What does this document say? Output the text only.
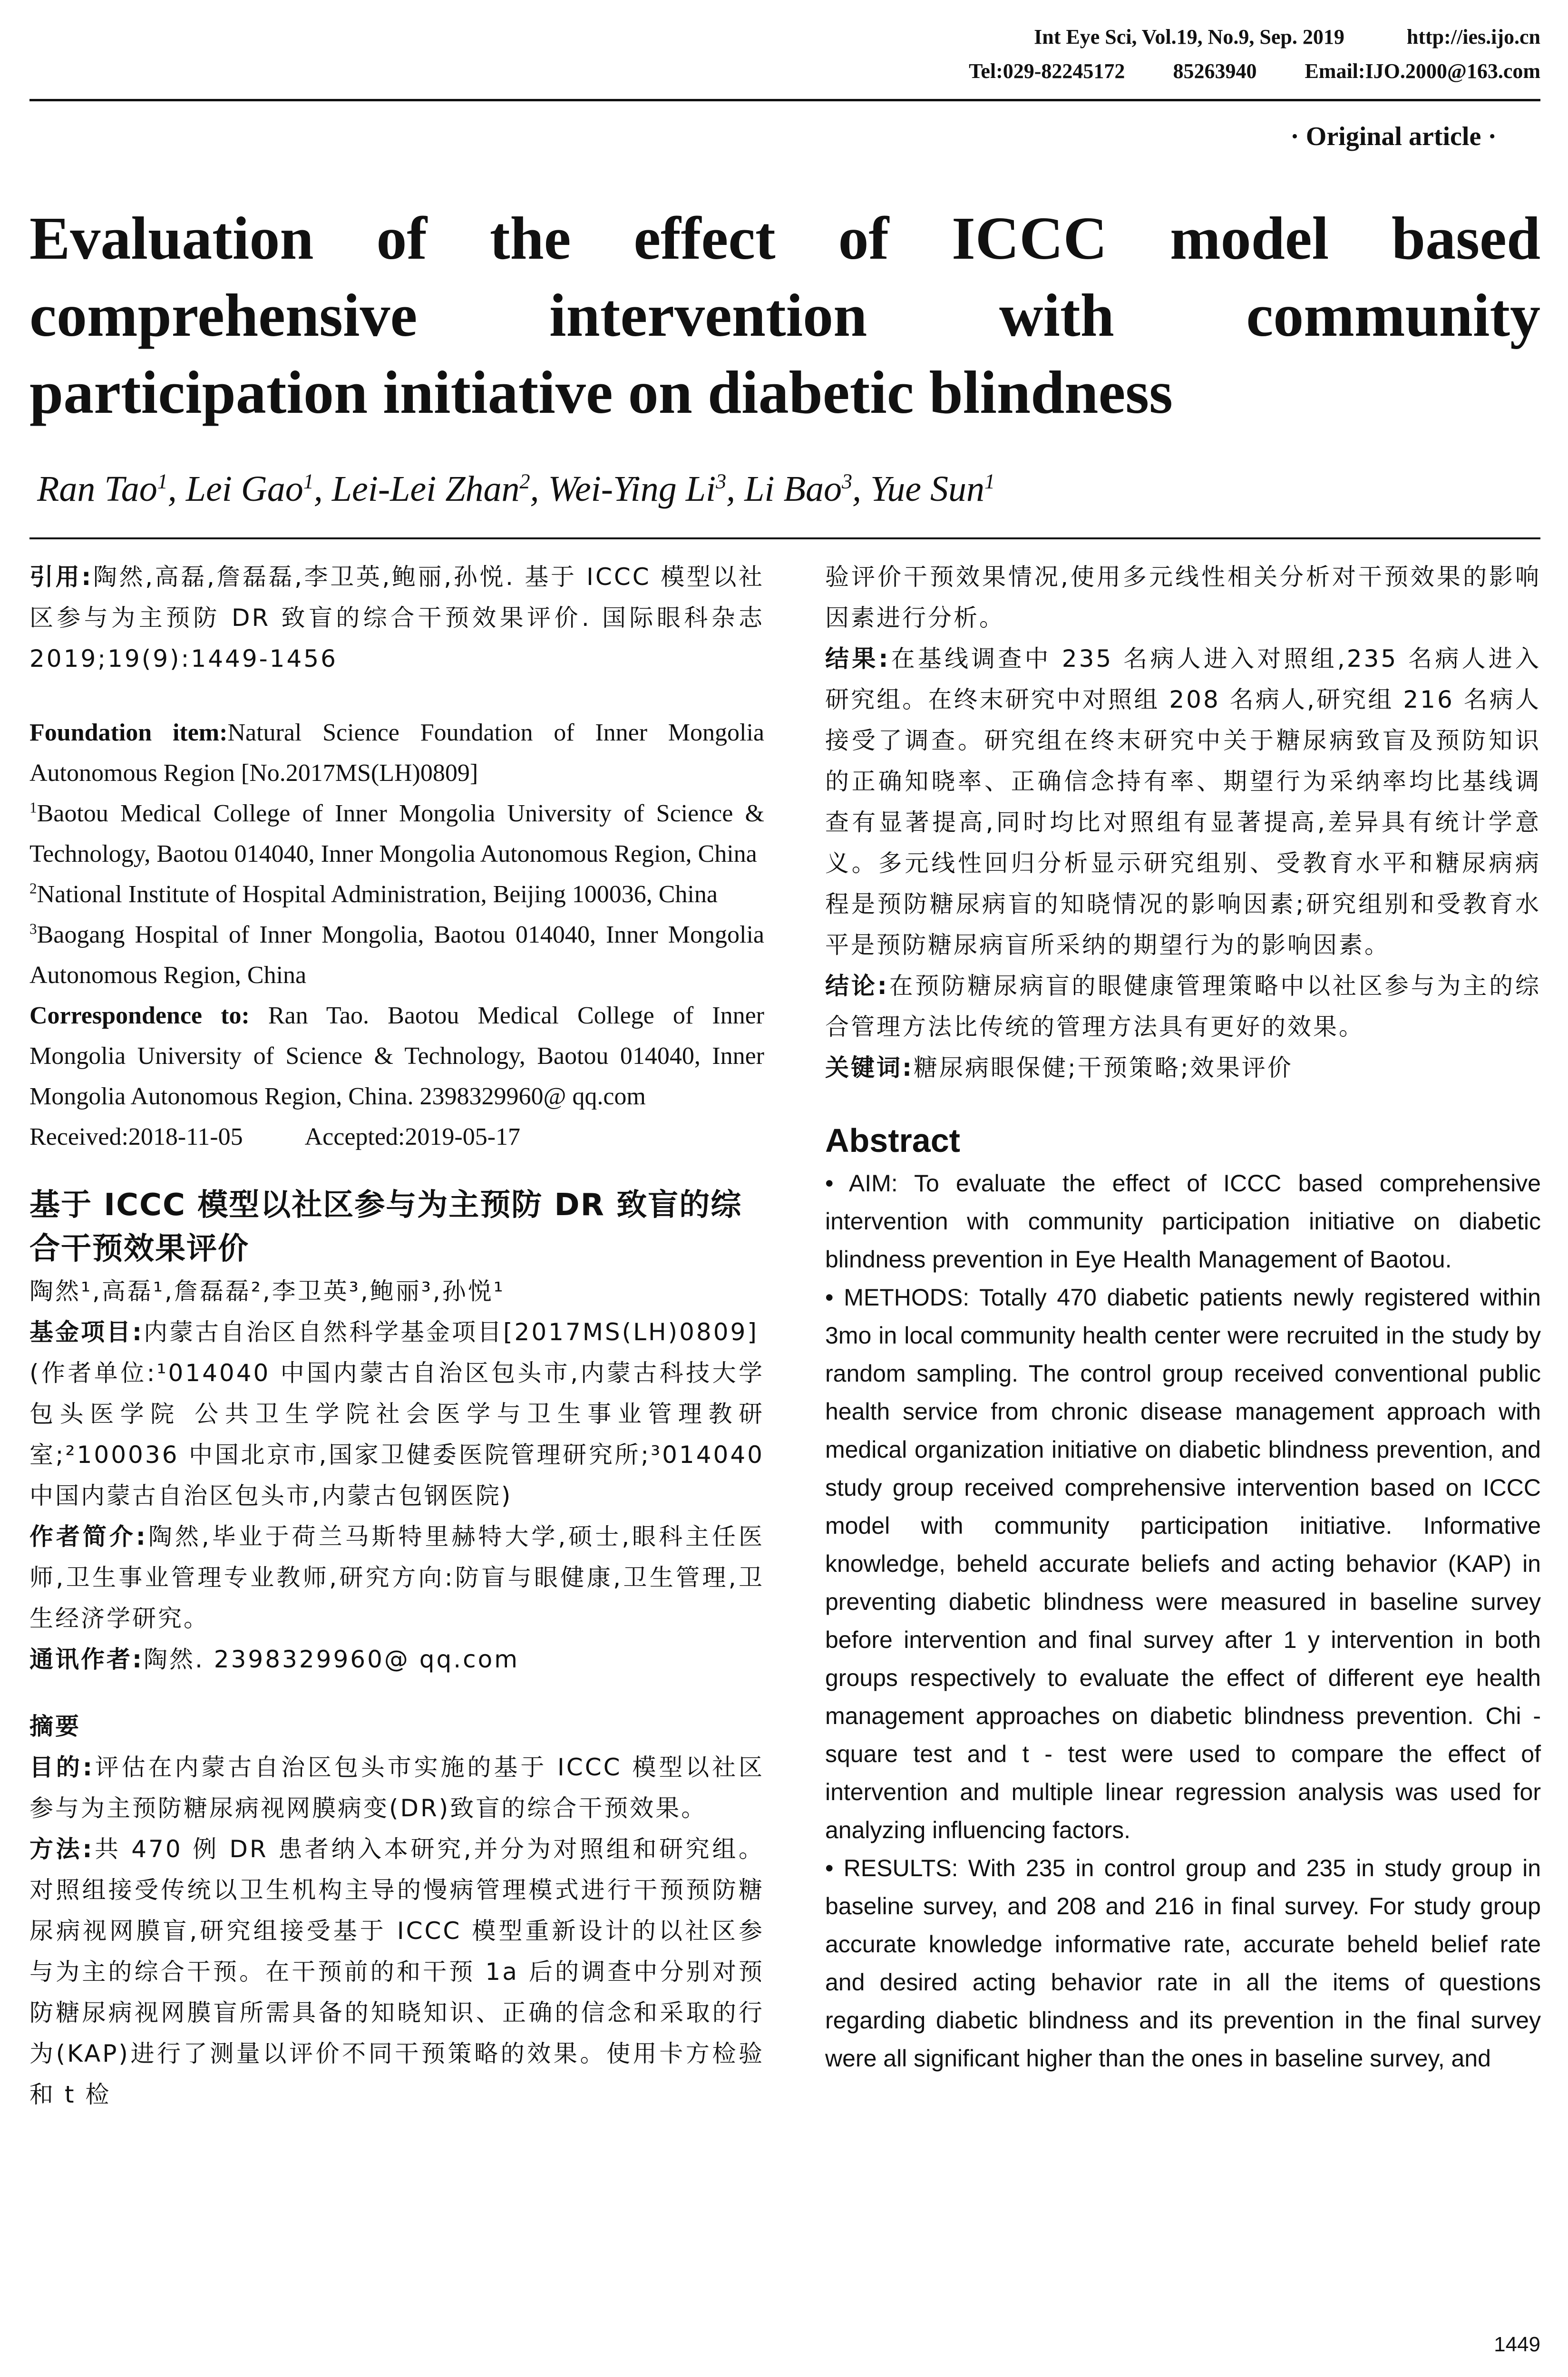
Int Eye Sci, Vol.19, No.9, Sep. 2019	http://ies.ijo.cn
Tel:029-82245172 85263940 Email:IJO.2000@163.com
· Original article ·
Evaluation of the effect of ICCC model based comprehensive intervention with community participation initiative on diabetic blindness
Ran Tao$^1$, Lei Gao$^1$, Lei-Lei Zhan$^2$, Wei-Ying Li$^3$, Li Bao$^3$, Yue Sun$^1$

引用:陶然,高磊,詹磊磊,李卫英,鲍丽,孙悦. 基于 ICCC 模型以社区参与为主预防 DR 致盲的综合干预效果评价. 国际眼科杂志 2019;19(9):1449-1456

Foundation item:Natural Science Foundation of Inner Mongolia Autonomous Region [No.2017MS(LH)0809]

$^1$Baotou Medical College of Inner Mongolia University of Science & Technology, Baotou 014040, Inner Mongolia Autonomous Region, China

$^2$National Institute of Hospital Administration, Beijing 100036, China

$^3$Baogang Hospital of Inner Mongolia, Baotou 014040, Inner Mongolia Autonomous Region, China

Correspondence to: Ran Tao. Baotou Medical College of Inner Mongolia University of Science & Technology, Baotou 014040, Inner Mongolia Autonomous Region, China. 2398329960@ qq.com

Received:2018-11-05	Accepted:2019-05-17

基于 ICCC 模型以社区参与为主预防 DR 致盲的综合干预效果评价

陶然¹,高磊¹,詹磊磊²,李卫英³,鲍丽³,孙悦¹

基金项目:内蒙古自治区自然科学基金项目[2017MS(LH)0809]

(作者单位:¹014040 中国内蒙古自治区包头市,内蒙古科技大学包头医学院 公共卫生学院社会医学与卫生事业管理教研室;²100036 中国北京市,国家卫健委医院管理研究所;³014040 中国内蒙古自治区包头市,内蒙古包钢医院)

作者简介:陶然,毕业于荷兰马斯特里赫特大学,硕士,眼科主任医师,卫生事业管理专业教师,研究方向:防盲与眼健康,卫生管理,卫生经济学研究。

通讯作者:陶然. 2398329960@ qq.com

摘要

目的:评估在内蒙古自治区包头市实施的基于 ICCC 模型以社区参与为主预防糖尿病视网膜病变(DR)致盲的综合干预效果。

方法:共 470 例 DR 患者纳入本研究,并分为对照组和研究组。对照组接受传统以卫生机构主导的慢病管理模式进行干预预防糖尿病视网膜盲,研究组接受基于 ICCC 模型重新设计的以社区参与为主的综合干预。在干预前的和干预 1a 后的调查中分别对预防糖尿病视网膜盲所需具备的知晓知识、正确的信念和采取的行为(KAP)进行了测量以评价不同干预策略的效果。使用卡方检验和 t 检

验评价干预效果情况,使用多元线性相关分析对干预效果的影响因素进行分析。

结果:在基线调查中 235 名病人进入对照组,235 名病人进入研究组。在终末研究中对照组 208 名病人,研究组 216 名病人接受了调查。研究组在终末研究中关于糖尿病致盲及预防知识的正确知晓率、正确信念持有率、期望行为采纳率均比基线调查有显著提高,同时均比对照组有显著提高,差异具有统计学意义。多元线性回归分析显示研究组别、受教育水平和糖尿病病程是预防糖尿病盲的知晓情况的影响因素;研究组别和受教育水平是预防糖尿病盲所采纳的期望行为的影响因素。

结论:在预防糖尿病盲的眼健康管理策略中以社区参与为主的综合管理方法比传统的管理方法具有更好的效果。

关键词:糖尿病眼保健;干预策略;效果评价

Abstract

• AIM: To evaluate the effect of ICCC based comprehensive intervention with community participation initiative on diabetic blindness prevention in Eye Health Management of Baotou.

• METHODS: Totally 470 diabetic patients newly registered within 3mo in local community health center were recruited in the study by random sampling. The control group received conventional public health service from chronic disease management approach with medical organization initiative on diabetic blindness prevention, and study group received comprehensive intervention based on ICCC model with community participation initiative. Informative knowledge, beheld accurate beliefs and acting behavior (KAP) in preventing diabetic blindness were measured in baseline survey before intervention and final survey after 1 y intervention in both groups respectively to evaluate the effect of different eye health management approaches on diabetic blindness prevention. Chi - square test and t - test were used to compare the effect of intervention and multiple linear regression analysis was used for analyzing influencing factors.

• RESULTS: With 235 in control group and 235 in study group in baseline survey, and 208 and 216 in final survey. For study group accurate knowledge informative rate, accurate beheld belief rate and desired acting behavior rate in all the items of questions regarding diabetic blindness and its prevention in the final survey were all significant higher than the ones in baseline survey, and

1449
